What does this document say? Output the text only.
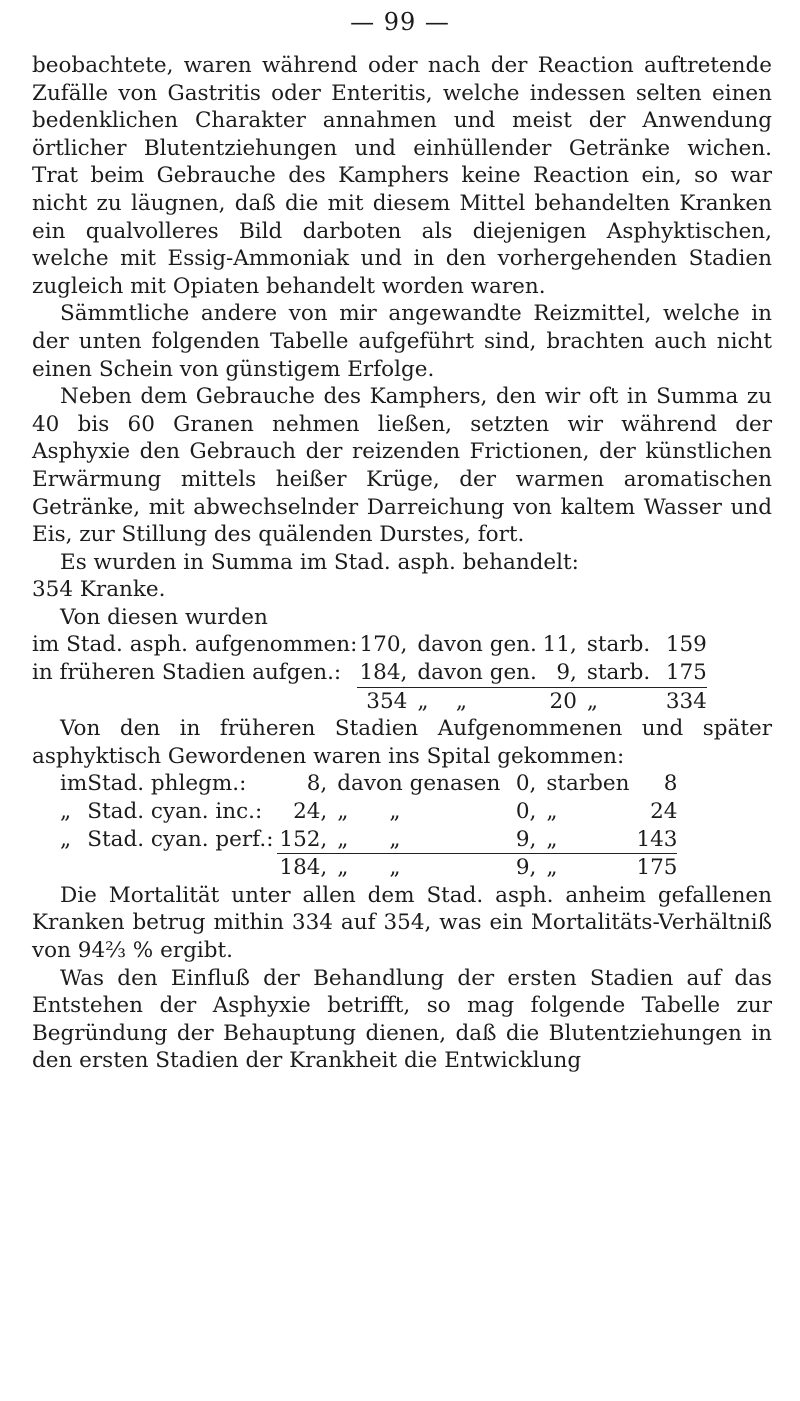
— 99 —

beobachtete, waren während oder nach der Reaction auftretende Zufälle von Gastritis oder Enteritis, welche indessen selten einen bedenklichen Charakter annahmen und meist der Anwendung örtlicher Blutentziehungen und einhüllender Getränke wichen. Trat beim Gebrauche des Kamphers keine Reaction ein, so war nicht zu läugnen, daß die mit diesem Mittel behandelten Kranken ein qualvolleres Bild darboten als diejenigen Asphyktischen, welche mit Essig-Ammoniak und in den vorhergehenden Stadien zugleich mit Opiaten behandelt worden waren.

Sämmtliche andere von mir angewandte Reizmittel, welche in der unten folgenden Tabelle aufgeführt sind, brachten auch nicht einen Schein von günstigem Erfolge.

Neben dem Gebrauche des Kamphers, den wir oft in Summa zu 40 bis 60 Granen nehmen ließen, setzten wir während der Asphyxie den Gebrauch der reizenden Frictionen, der künstlichen Erwärmung mittels heißer Krüge, der warmen aromatischen Getränke, mit abwechselnder Darreichung von kaltem Wasser und Eis, zur Stillung des quälenden Durstes, fort.

Es wurden in Summa im Stad. asph. behandelt:

354 Kranke.

Von diesen wurden

im Stad. asph. aufgenommen:	170,	davon gen.	11,	starb.	159	
in früheren Stadien aufgen.:	184,	davon gen.	9,	starb.	175	
	354	„ „	20	„	334	

Von den in früheren Stadien Aufgenommenen und später asphyktisch Gewordenen waren ins Spital gekommen:

im	Stad. phlegm.:	8,	davon genasen	0,	starben	8	
„	Stad. cyan. inc.:	24,	„      „	0,	„	24	
„	Stad. cyan. perf.:	152,	„      „	9,	„	143	
		184,	„      „	9,	„	175	

Die Mortalität unter allen dem Stad. asph. anheim gefallenen Kranken betrug mithin 334 auf 354, was ein Mortalitäts-Verhältniß von 94⅔ % ergibt.

Was den Einfluß der Behandlung der ersten Stadien auf das Entstehen der Asphyxie betrifft, so mag folgende Tabelle zur Begründung der Behauptung dienen, daß die Blutentziehungen in den ersten Stadien der Krankheit die Entwicklung
